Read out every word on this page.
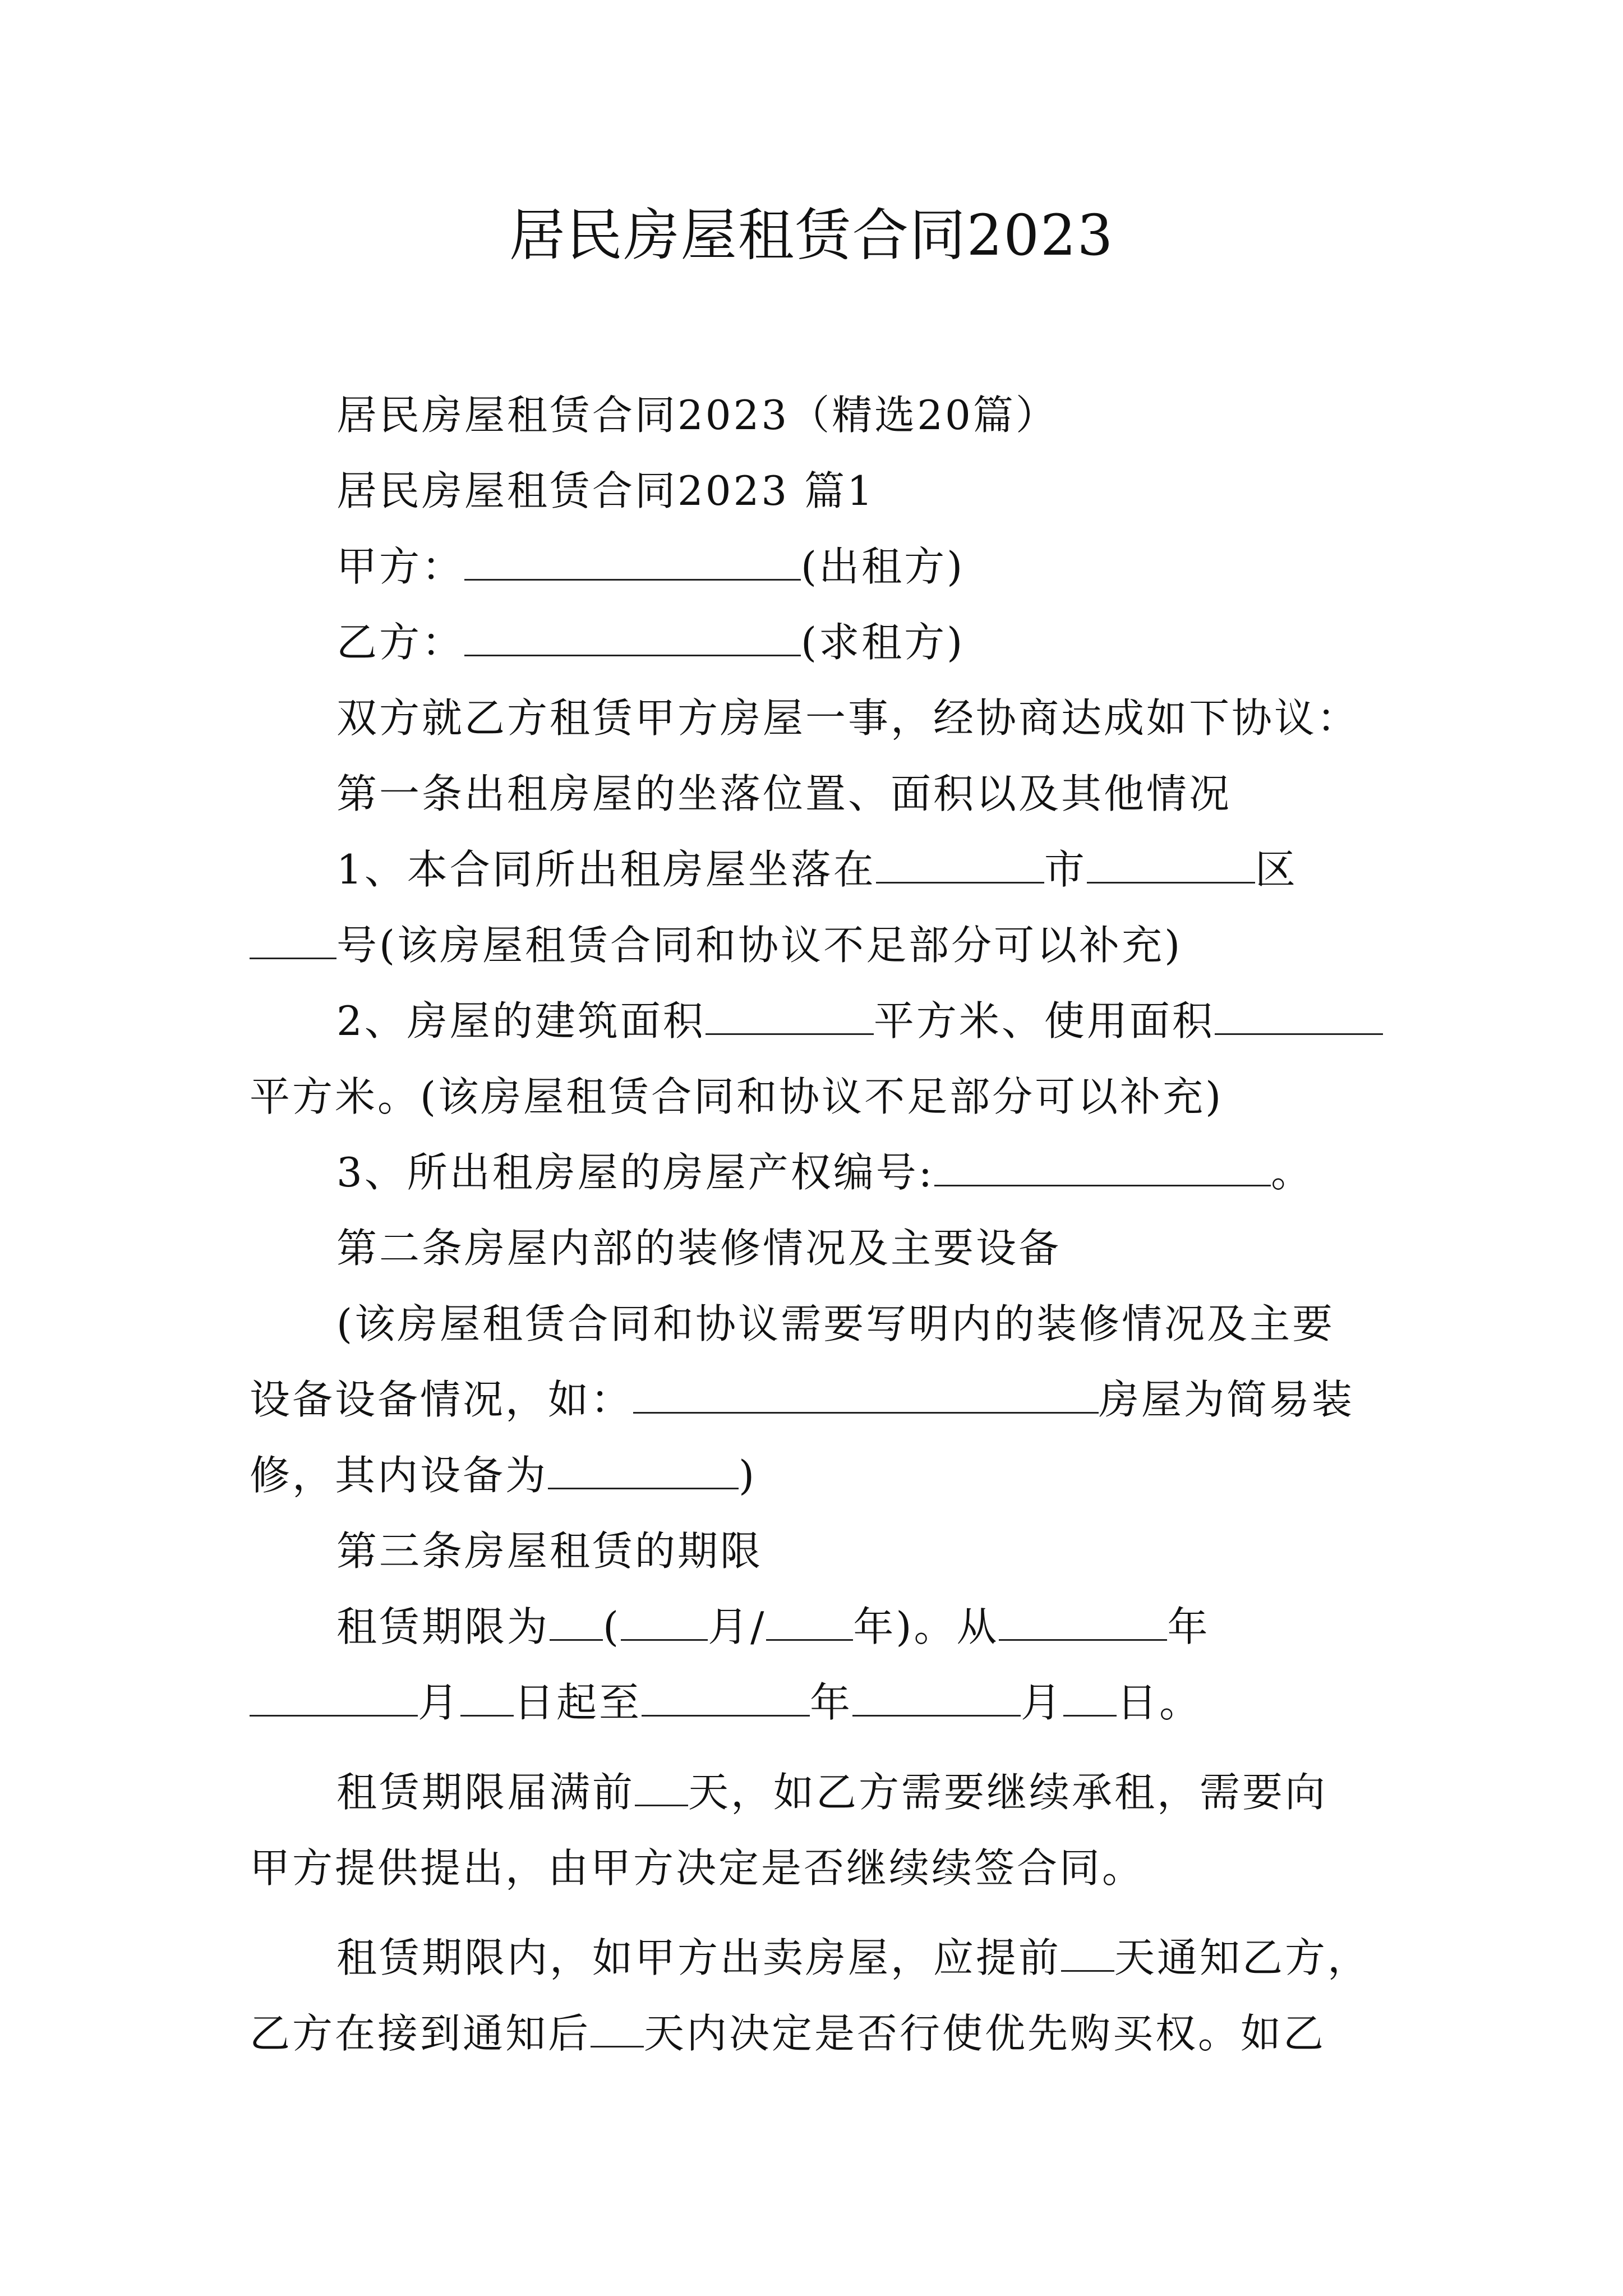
居民房屋租赁合同2023
居民房屋租赁合同2023（精选20篇）
居民房屋租赁合同2023 篇1
甲方：	(出租方)
乙方：	(求租方)
双方就乙方租赁甲方房屋一事，经协商达成如下协议：
第一条出租房屋的坐落位置、面积以及其他情况
1、本合同所出租房屋坐落在	市	区
号(该房屋租赁合同和协议不足部分可以补充)
2、房屋的建筑面积	平方米、使用面积
平方米。(该房屋租赁合同和协议不足部分可以补充)
3、所出租房屋的房屋产权编号:	。
第二条房屋内部的装修情况及主要设备
(该房屋租赁合同和协议需要写明内的装修情况及主要
设备设备情况，如：	房屋为简易装
修，其内设备为	)
第三条房屋租赁的期限
租赁期限为 ( 月/ 年)。从	年
月 日起至	年	月 日。
租赁期限届满前 天，如乙方需要继续承租，需要向
甲方提供提出，由甲方决定是否继续续签合同。
租赁期限内，如甲方出卖房屋，应提前 天通知乙方，
乙方在接到通知后 天内决定是否行使优先购买权。如乙
